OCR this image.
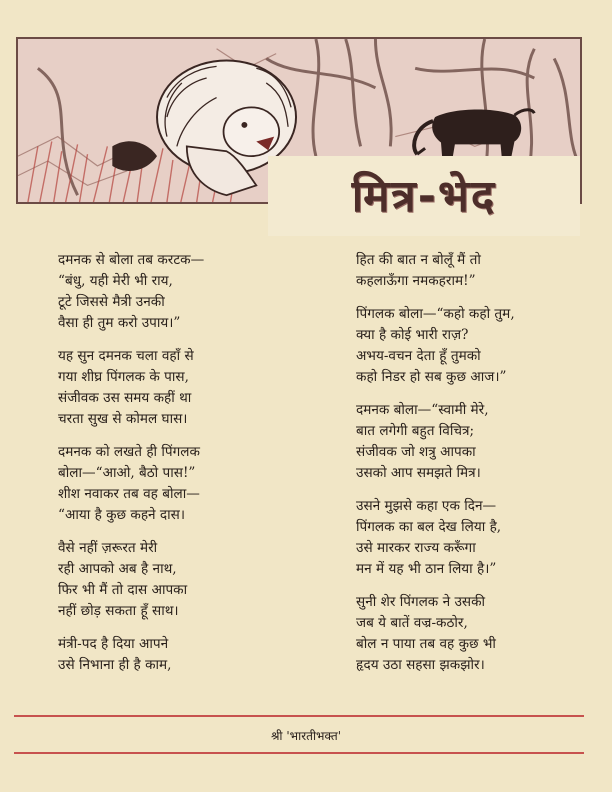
मित्र-भेद
दमनक से बोला तब करटक—
“बंधु, यही मेरी भी राय,
टूटे जिससे मैत्री उनकी
वैसा ही तुम करो उपाय।”
यह सुन दमनक चला वहाँ से
गया शीघ्र पिंगलक के पास,
संजीवक उस समय कहीं था
चरता सुख से कोमल घास।
दमनक को लखते ही पिंगलक
बोला—“आओ, बैठो पास!”
शीश नवाकर तब वह बोला—
“आया है कुछ कहने दास।
वैसे नहीं ज़रूरत मेरी
रही आपको अब है नाथ,
फिर भी मैं तो दास आपका
नहीं छोड़ सकता हूँ साथ।
मंत्री-पद है दिया आपने
उसे निभाना ही है काम,
हित की बात न बोलूँ मैं तो
कहलाऊँगा नमकहराम!”
पिंगलक बोला—“कहो कहो तुम,
क्या है कोई भारी राज़?
अभय-वचन देता हूँ तुमको
कहो निडर हो सब कुछ आज।”
दमनक बोला—“स्वामी मेरे,
बात लगेगी बहुत विचित्र;
संजीवक जो शत्रु आपका
उसको आप समझते मित्र।
उसने मुझसे कहा एक दिन—
पिंगलक का बल देख लिया है,
उसे मारकर राज्य करूँगा
मन में यह भी ठान लिया है।”
सुनी शेर पिंगलक ने उसकी
जब ये बातें वज्र-कठोर,
बोल न पाया तब वह कुछ भी
हृदय उठा सहसा झकझोर।
श्री 'भारतीभक्त'
